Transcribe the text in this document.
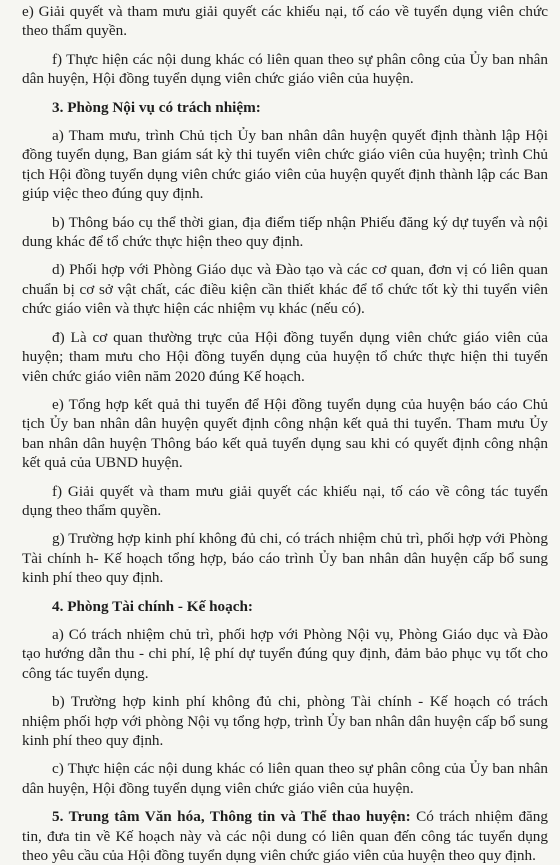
e) Giải quyết và tham mưu giải quyết các khiếu nại, tố cáo về tuyển dụng viên chức theo thẩm quyền.

f) Thực hiện các nội dung khác có liên quan theo sự phân công của Ủy ban nhân dân huyện, Hội đồng tuyển dụng viên chức giáo viên của huyện.

3. Phòng Nội vụ có trách nhiệm:

a) Tham mưu, trình Chủ tịch Ủy ban nhân dân huyện quyết định thành lập Hội đồng tuyển dụng, Ban giám sát kỳ thi tuyển viên chức giáo viên của huyện; trình Chủ tịch Hội đồng tuyển dụng viên chức giáo viên của huyện quyết định thành lập các Ban giúp việc theo đúng quy định.

b) Thông báo cụ thể thời gian, địa điểm tiếp nhận Phiếu đăng ký dự tuyển và nội dung khác để tổ chức thực hiện theo quy định.

d) Phối hợp với Phòng Giáo dục và Đào tạo và các cơ quan, đơn vị có liên quan chuẩn bị cơ sở vật chất, các điều kiện cần thiết khác để tổ chức tốt kỳ thi tuyển viên chức giáo viên và thực hiện các nhiệm vụ khác (nếu có).

đ) Là cơ quan thường trực của Hội đồng tuyển dụng viên chức giáo viên của huyện; tham mưu cho Hội đồng tuyển dụng của huyện tổ chức thực hiện thi tuyển viên chức giáo viên năm 2020 đúng Kế hoạch.

e) Tổng hợp kết quả thi tuyển để Hội đồng tuyển dụng của huyện báo cáo Chủ tịch Ủy ban nhân dân huyện quyết định công nhận kết quả thi tuyển. Tham mưu Ủy ban nhân dân huyện Thông báo kết quả tuyển dụng sau khi có quyết định công nhận kết quả của UBND huyện.

f) Giải quyết và tham mưu giải quyết các khiếu nại, tố cáo về công tác tuyển dụng theo thẩm quyền.

g) Trường hợp kinh phí không đủ chi, có trách nhiệm chủ trì, phối hợp với Phòng Tài chính h- Kế hoạch tổng hợp, báo cáo trình Ủy ban nhân dân huyện cấp bổ sung kinh phí theo quy định.

4. Phòng Tài chính - Kế hoạch:

a) Có trách nhiệm chủ trì, phối hợp với Phòng Nội vụ, Phòng Giáo dục và Đào tạo hướng dẫn thu - chi phí, lệ phí dự tuyển đúng quy định, đảm bảo phục vụ tốt cho công tác tuyển dụng.

b) Trường hợp kinh phí không đủ chi, phòng Tài chính - Kế hoạch có trách nhiệm phối hợp với phòng Nội vụ tổng hợp, trình Ủy ban nhân dân huyện cấp bổ sung kinh phí theo quy định.

c) Thực hiện các nội dung khác có liên quan theo sự phân công của Ủy ban nhân dân huyện, Hội đồng tuyển dụng viên chức giáo viên của huyện.

5. Trung tâm Văn hóa, Thông tin và Thể thao huyện: Có trách nhiệm đăng tin, đưa tin về Kế hoạch này và các nội dung có liên quan đến công tác tuyển dụng theo yêu cầu của Hội đồng tuyển dụng viên chức giáo viên của huyện theo quy định.
